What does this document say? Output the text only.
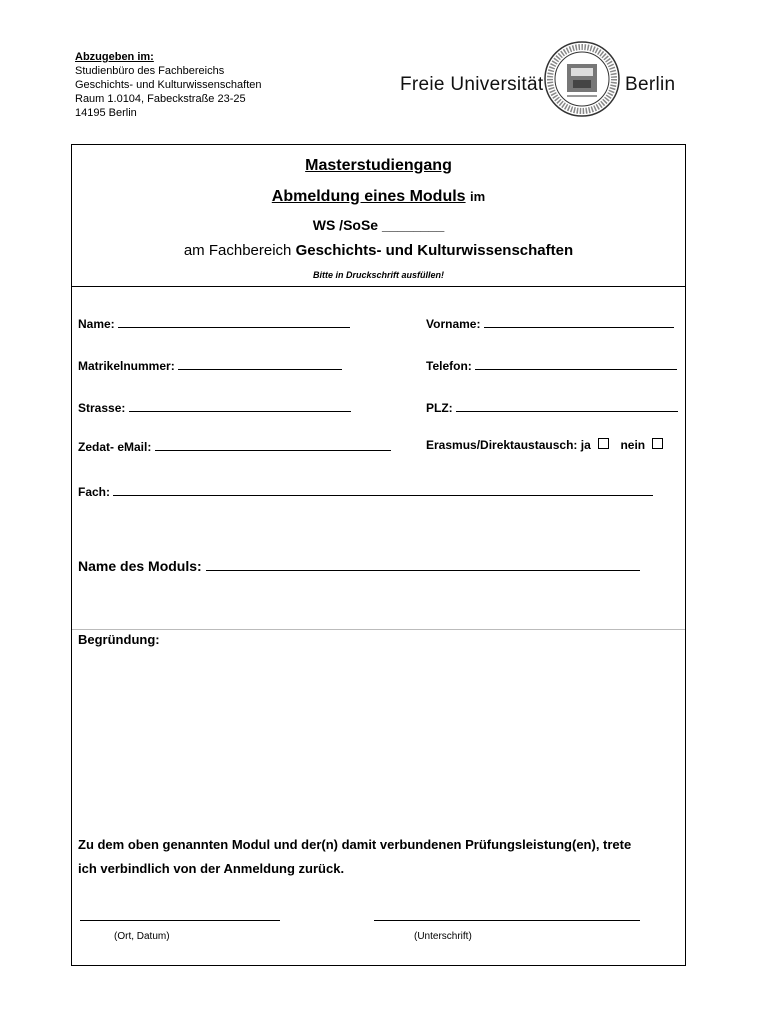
Abzugeben im:
Studienbüro des Fachbereichs
Geschichts- und Kulturwissenschaften
Raum 1.0104, Fabeckstraße 23-25
14195 Berlin
Freie Universität	Berlin
Masterstudiengang
Abmeldung eines Moduls im
WS /SoSe ________
am Fachbereich Geschichts- und Kulturwissenschaften
Bitte in Druckschrift ausfüllen!
Name:	Vorname:
Matrikelnummer:	Telefon:
Strasse:	PLZ:
Zedat- eMail:	Erasmus/Direktaustausch: ja nein
Fach:
Name des Moduls:
Begründung:
Zu dem oben genannten Modul und der(n) damit verbundenen Prüfungsleistung(en), trete
ich verbindlich von der Anmeldung zurück.
(Ort, Datum)	(Unterschrift)
